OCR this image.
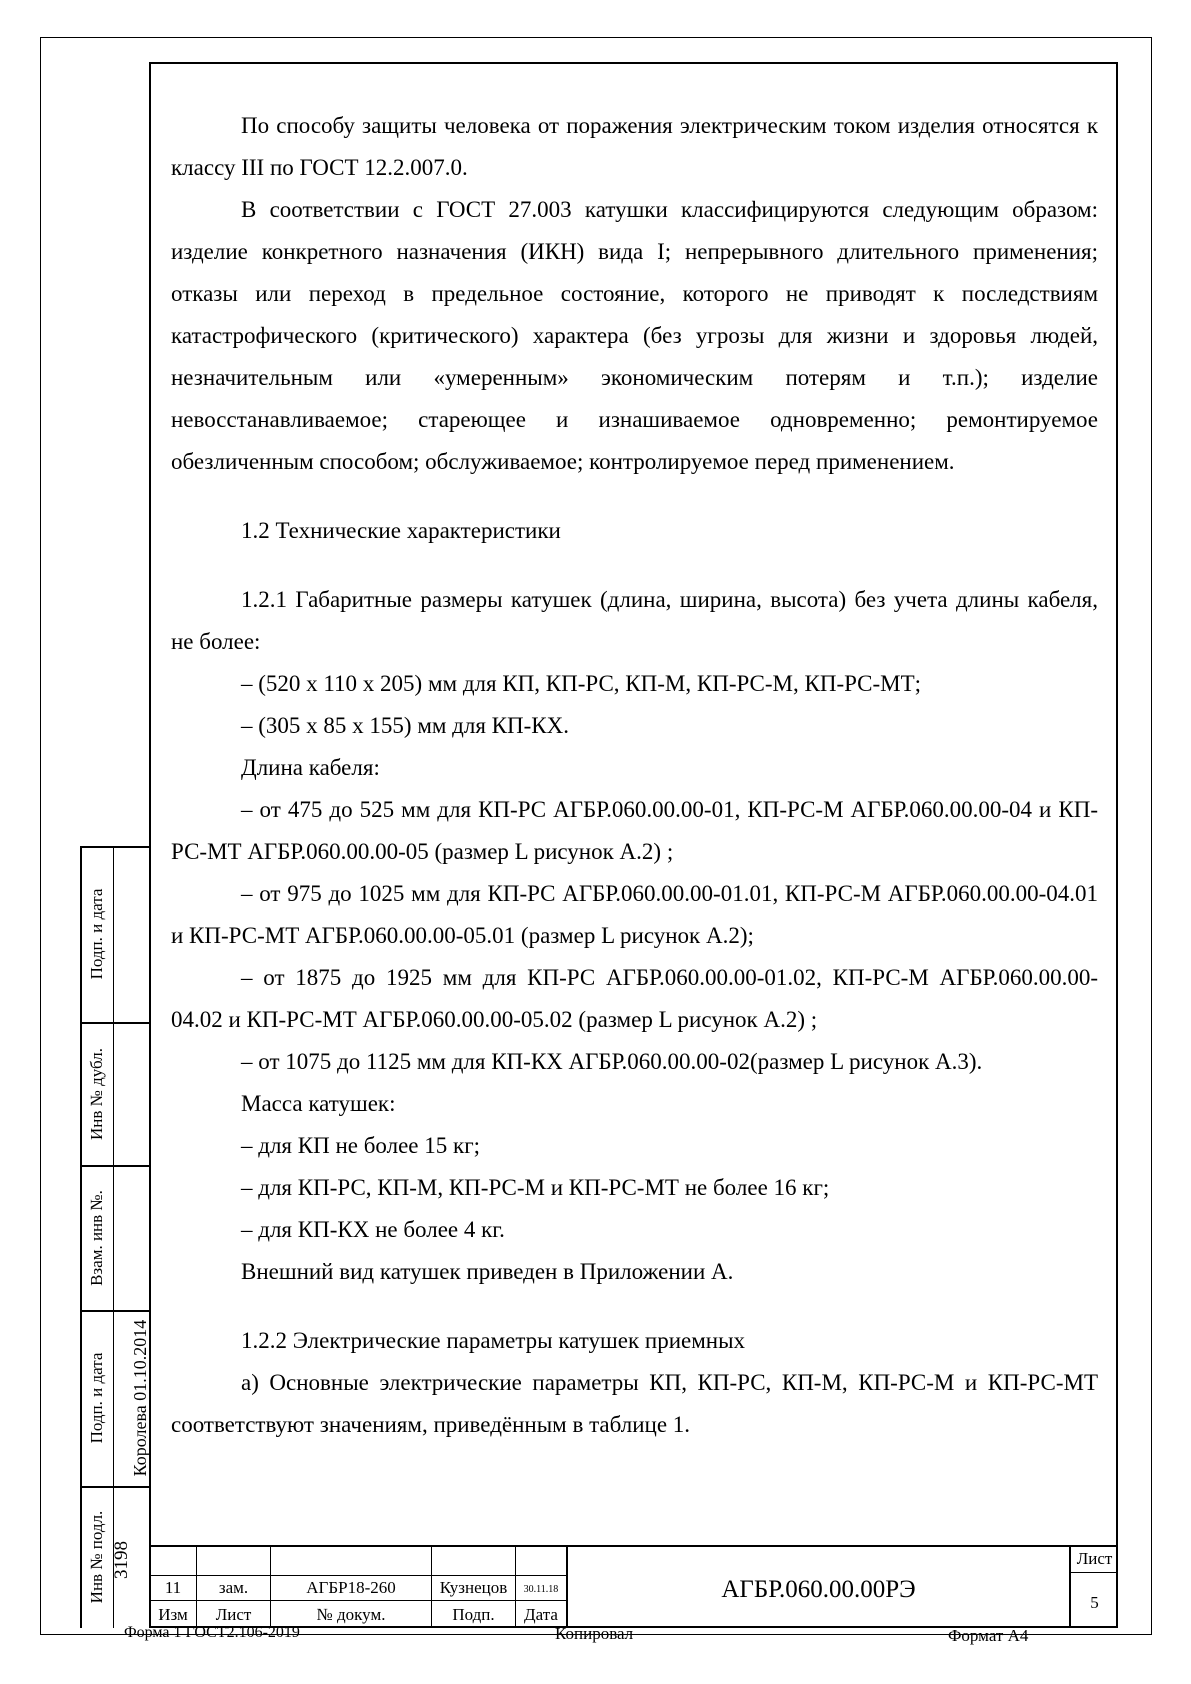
По способу защиты человека от поражения электрическим током изделия относятся к классу III по ГОСТ 12.2.007.0.

В соответствии с ГОСТ 27.003 катушки классифицируются следующим образом: изделие конкретного назначения (ИКН) вида I; непрерывного длительного применения; отказы или переход в предельное состояние, которого не приводят к последствиям катастрофического (критического) характера (без угрозы для жизни и здоровья людей, незначительным или «умеренным» экономическим потерям и т.п.); изделие невосстанавливаемое; стареющее и изнашиваемое одновременно; ремонтируемое обезличенным способом; обслуживаемое; контролируемое перед применением.

1.2 Технические характеристики

1.2.1 Габаритные размеры катушек (длина, ширина, высота) без учета длины кабеля, не более:

– (520 х 110 х 205) мм для КП, КП-РС, КП-М, КП-РС-М, КП-РС-МТ;

– (305 х 85 х 155) мм для КП-КХ.

Длина кабеля:

– от 475 до 525 мм для КП-РС АГБР.060.00.00-01, КП-РС-М АГБР.060.00.00-04 и КП-РС-МТ АГБР.060.00.00-05 (размер L рисунок А.2) ;

– от 975 до 1025 мм для КП-РС АГБР.060.00.00-01.01, КП-РС-М АГБР.060.00.00-04.01 и КП-РС-МТ АГБР.060.00.00-05.01 (размер L рисунок А.2);

– от 1875 до 1925 мм для КП-РС АГБР.060.00.00-01.02, КП-РС-М АГБР.060.00.00-04.02 и КП-РС-МТ АГБР.060.00.00-05.02 (размер L рисунок А.2) ;

– от 1075 до 1125 мм для КП-КХ АГБР.060.00.00-02(размер L рисунок А.3).

Масса катушек:

– для КП не более 15 кг;

– для КП-РС, КП-М, КП-РС-М и КП-РС-МТ не более 16 кг;

– для КП-КХ не более 4 кг.

Внешний вид катушек приведен в Приложении А.

1.2.2 Электрические параметры катушек приемных

а) Основные электрические параметры КП, КП-РС, КП-М, КП-РС-М и КП-РС-МТ соответствуют значениям, приведённым в таблице 1.

Подп. и дата
Инв № дубл.
Взам. инв №.
Подп. и дата Королева 01.10.2014
Инв № подл. 3198
11	зам.	АГБР18-260	Кузнецов	30.11.18
Изм	Лист	№ докум.	Подп.	Дата
АГБР.060.00.00РЭ
Лист
5
Форма 1 ГОСТ2.106-2019	Копировал	Формат А4
